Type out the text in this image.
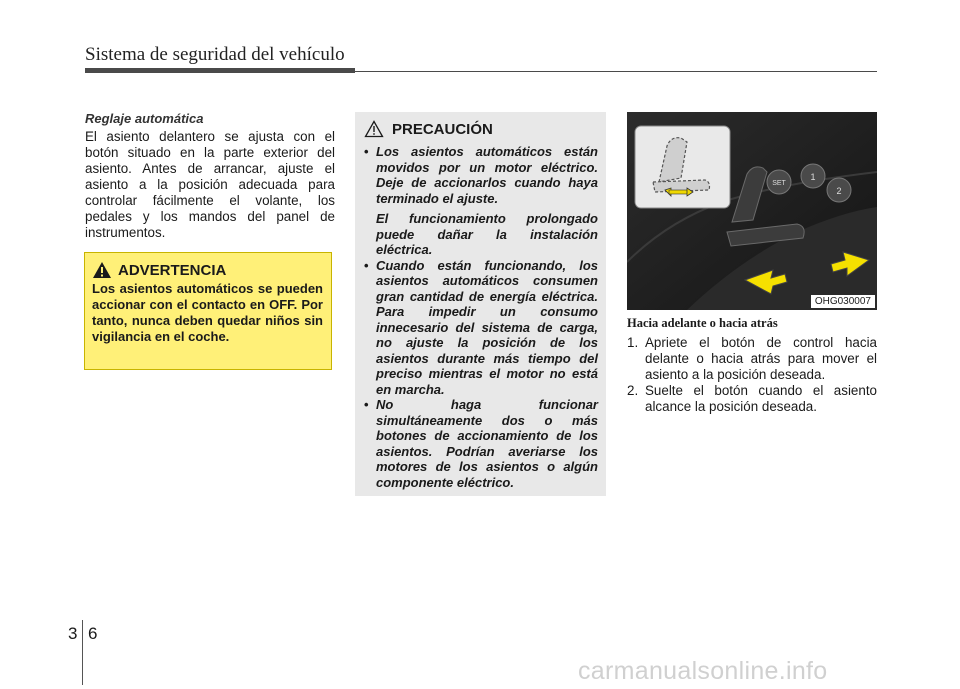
Sistema de seguridad del vehículo

Reglaje automática

El asiento delantero se ajusta con el botón situado en la parte exterior del asiento. Antes de arrancar, ajuste el asiento a la posición adecuada para controlar fácilmente el volante, los pedales y los mandos del panel de instrumentos.

ADVERTENCIA

Los asientos automáticos se pueden accionar con el contacto en OFF. Por tanto, nunca deben quedar niños sin vigilancia en el coche.

PRECAUCIÓN
• Los asientos automáticos están movidos por un motor eléctrico. Deje de accionarlos cuando haya terminado el ajuste.
El funcionamiento prolongado puede dañar la instalación eléctrica.
• Cuando están funcionando, los asientos automáticos consumen gran cantidad de energía eléctrica. Para impedir un consumo innecesario del sistema de carga, no ajuste la posición de los asientos durante más tiempo del preciso mientras el motor no está en marcha.
• No haga funcionar simultáneamente dos o más botones de accionamiento de los asientos. Podrían averiarse los motores de los asientos o algún componente eléctrico.
SET
1
2
OHG030007

Hacia adelante o hacia atrás

1. Apriete el botón de control hacia delante o hacia atrás para mover el asiento a la posición deseada.
2. Suelte el botón cuando el asiento alcance la posición deseada.
3 6
carmanualsonline.info
